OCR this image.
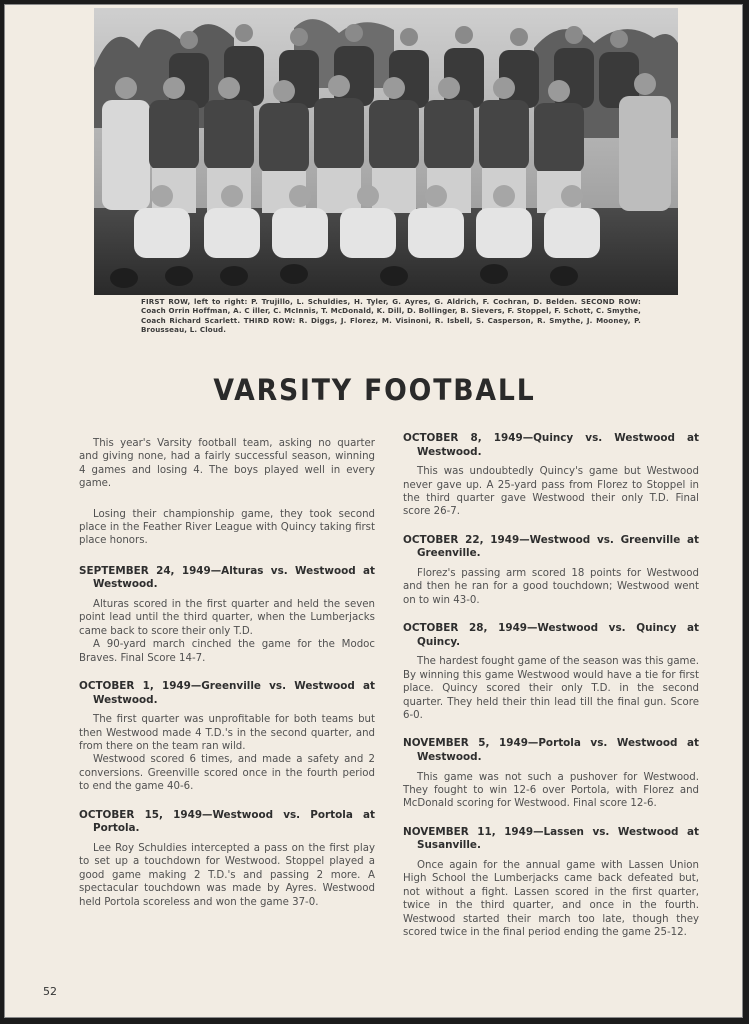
FIRST ROW, left to right: P. Trujillo, L. Schuldies, H. Tyler, G. Ayres, G. Aldrich, F. Cochran, D. Belden. SECOND ROW: Coach Orrin Hoffman, A. C iller, C. McInnis, T. McDonald, K. Dill, D. Bollinger, B. Sievers, F. Stoppel, F. Schott, C. Smythe, Coach Richard Scarlett. THIRD ROW: R. Diggs, J. Florez, M. Visinoni, R. Isbell, S. Casperson, R. Smythe, J. Mooney, P. Brousseau, L. Cloud.
VARSITY FOOTBALL

This year's Varsity football team, asking no quarter and giving none, had a fairly successful season, winning 4 games and losing 4. The boys played well in every game.

Losing their championship game, they took second place in the Feather River League with Quincy taking first place honors.

SEPTEMBER 24, 1949—Alturas vs. Westwood at Westwood.

Alturas scored in the first quarter and held the seven point lead until the third quarter, when the Lumberjacks came back to score their only T.D.

A 90-yard march cinched the game for the Modoc Braves. Final Score 14-7.

OCTOBER 1, 1949—Greenville vs. Westwood at Westwood.

The first quarter was unprofitable for both teams but then Westwood made 4 T.D.'s in the second quarter, and from there on the team ran wild.

Westwood scored 6 times, and made a safety and 2 conversions. Greenville scored once in the fourth period to end the game 40-6.

OCTOBER 15, 1949—Westwood vs. Portola at Portola.

Lee Roy Schuldies intercepted a pass on the first play to set up a touchdown for Westwood. Stoppel played a good game making 2 T.D.'s and passing 2 more. A spectacular touchdown was made by Ayres. Westwood held Portola scoreless and won the game 37-0.

OCTOBER 8, 1949—Quincy vs. Westwood at Westwood.

This was undoubtedly Quincy's game but Westwood never gave up. A 25-yard pass from Florez to Stoppel in the third quarter gave Westwood their only T.D. Final score 26-7.

OCTOBER 22, 1949—Westwood vs. Greenville at Greenville.

Florez's passing arm scored 18 points for Westwood and then he ran for a good touchdown; Westwood went on to win 43-0.

OCTOBER 28, 1949—Westwood vs. Quincy at Quincy.

The hardest fought game of the season was this game. By winning this game Westwood would have a tie for first place. Quincy scored their only T.D. in the second quarter. They held their thin lead till the final gun. Score 6-0.

NOVEMBER 5, 1949—Portola vs. Westwood at Westwood.

This game was not such a pushover for Westwood. They fought to win 12-6 over Portola, with Florez and McDonald scoring for Westwood. Final score 12-6.

NOVEMBER 11, 1949—Lassen vs. Westwood at Susanville.

Once again for the annual game with Lassen Union High School the Lumberjacks came back defeated but, not without a fight. Lassen scored in the first quarter, twice in the third quarter, and once in the fourth. Westwood started their march too late, though they scored twice in the final period ending the game 25-12.

52
